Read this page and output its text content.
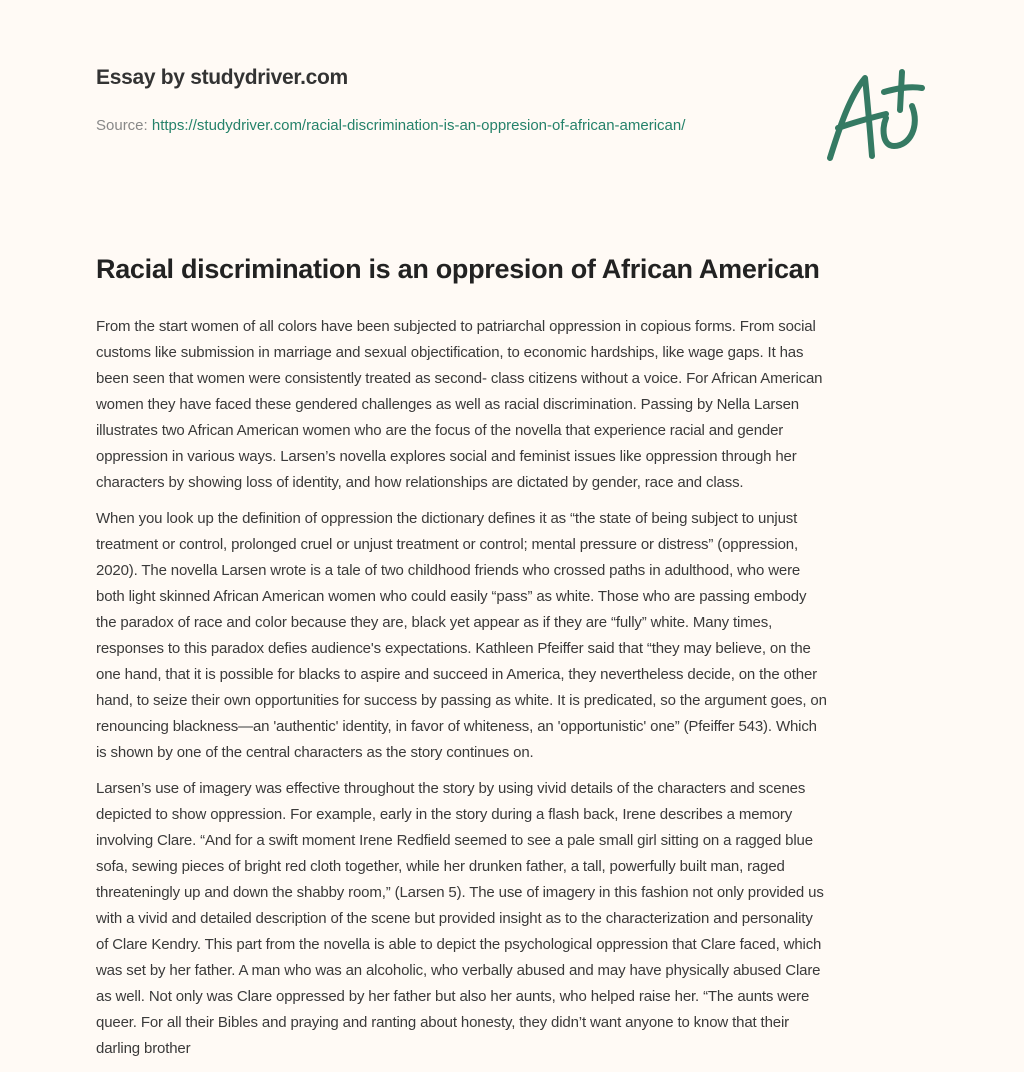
Essay by studydriver.com
Source: https://studydriver.com/racial-discrimination-is-an-oppresion-of-african-american/
Racial discrimination is an oppresion of African American

From the start women of all colors have been subjected to patriarchal oppression in copious forms. From social
customs like submission in marriage and sexual objectification, to economic hardships, like wage gaps. It has
been seen that women were consistently treated as second- class citizens without a voice. For African American
women they have faced these gendered challenges as well as racial discrimination. Passing by Nella Larsen
illustrates two African American women who are the focus of the novella that experience racial and gender
oppression in various ways. Larsen’s novella explores social and feminist issues like oppression through her
characters by showing loss of identity, and how relationships are dictated by gender, race and class.

When you look up the definition of oppression the dictionary defines it as “the state of being subject to unjust
treatment or control, prolonged cruel or unjust treatment or control; mental pressure or distress” (oppression,
2020). The novella Larsen wrote is a tale of two childhood friends who crossed paths in adulthood, who were
both light skinned African American women who could easily “pass” as white. Those who are passing embody
the paradox of race and color because they are, black yet appear as if they are “fully” white. Many times,
responses to this paradox defies audience's expectations. Kathleen Pfeiffer said that “they may believe, on the
one hand, that it is possible for blacks to aspire and succeed in America, they nevertheless decide, on the other
hand, to seize their own opportunities for success by passing as white. It is predicated, so the argument goes, on
renouncing blackness—an 'authentic' identity, in favor of whiteness, an 'opportunistic' one” (Pfeiffer 543). Which
is shown by one of the central characters as the story continues on.

Larsen’s use of imagery was effective throughout the story by using vivid details of the characters and scenes
depicted to show oppression. For example, early in the story during a flash back, Irene describes a memory
involving Clare. “And for a swift moment Irene Redfield seemed to see a pale small girl sitting on a ragged blue
sofa, sewing pieces of bright red cloth together, while her drunken father, a tall, powerfully built man, raged
threateningly up and down the shabby room,” (Larsen 5). The use of imagery in this fashion not only provided us
with a vivid and detailed description of the scene but provided insight as to the characterization and personality
of Clare Kendry. This part from the novella is able to depict the psychological oppression that Clare faced, which
was set by her father. A man who was an alcoholic, who verbally abused and may have physically abused Clare
as well. Not only was Clare oppressed by her father but also her aunts, who helped raise her. “The aunts were
queer. For all their Bibles and praying and ranting about honesty, they didn’t want anyone to know that their
darling brother
